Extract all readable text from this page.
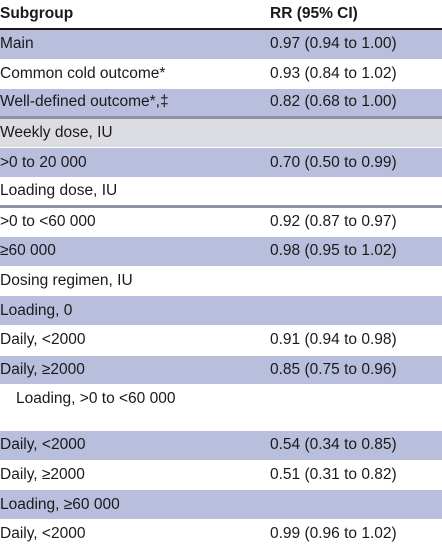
Subgroup	RR (95% CI)
Main	0.97 (0.94 to 1.00)
Common cold outcome*	0.93 (0.84 to 1.02)
Well-defined outcome*,‡	0.82 (0.68 to 1.00)
Weekly dose, IU
>0 to 20 000	0.70 (0.50 to 0.99)
Loading dose, IU
>0 to <60 000	0.92 (0.87 to 0.97)
≥60 000	0.98 (0.95 to 1.02)
Dosing regimen, IU
Loading, 0
Daily, <2000	0.91 (0.94 to 0.98)
Daily, ≥2000	0.85 (0.75 to 0.96)
Loading, >0 to <60 000
Daily, <2000	0.54 (0.34 to 0.85)
Daily, ≥2000	0.51 (0.31 to 0.82)
Loading, ≥60 000
Daily, <2000	0.99 (0.96 to 1.02)
